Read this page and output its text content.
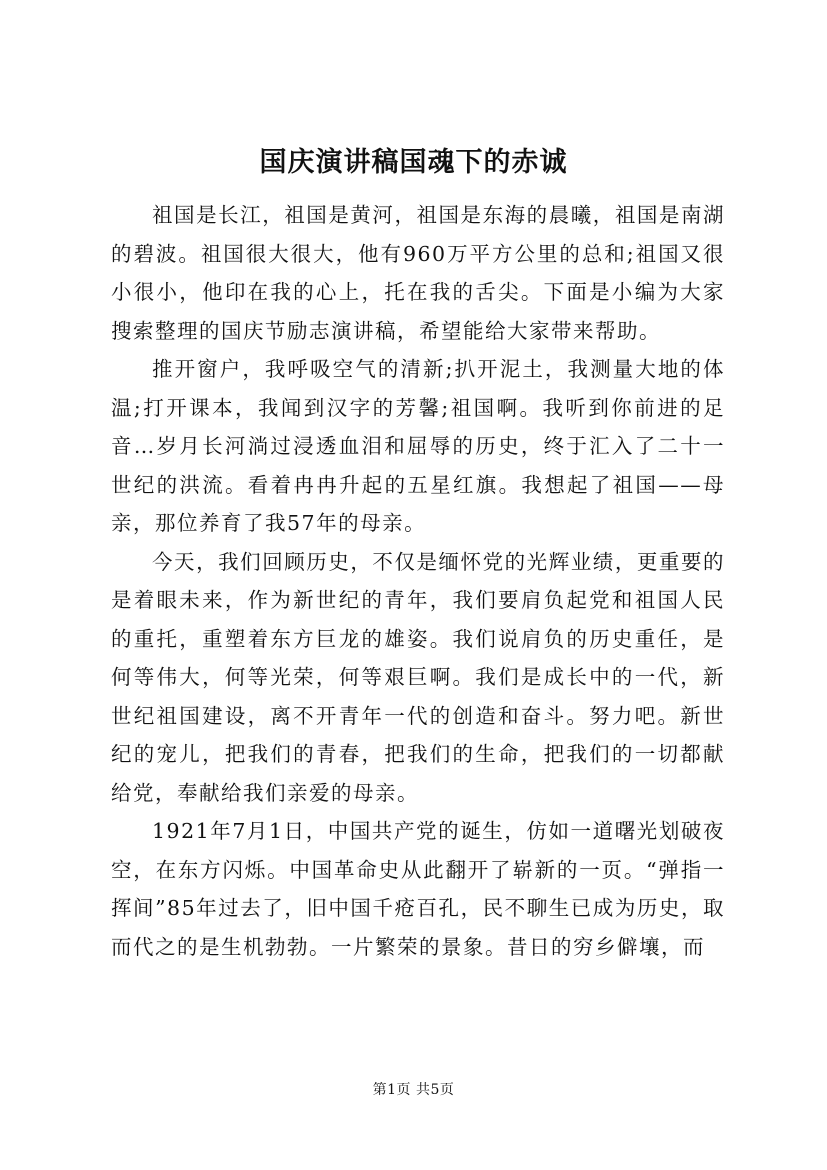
国庆演讲稿国魂下的赤诚

祖国是长江，祖国是黄河，祖国是东海的晨曦，祖国是南湖的碧波。祖国很大很大，他有960万平方公里的总和;祖国又很小很小，他印在我的心上，托在我的舌尖。下面是小编为大家搜索整理的国庆节励志演讲稿，希望能给大家带来帮助。

推开窗户，我呼吸空气的清新;扒开泥土，我测量大地的体温;打开课本，我闻到汉字的芳馨;祖国啊。我听到你前进的足音…岁月长河淌过浸透血泪和屈辱的历史，终于汇入了二十一世纪的洪流。看着冉冉升起的五星红旗。我想起了祖国——母亲，那位养育了我57年的母亲。

今天，我们回顾历史，不仅是缅怀党的光辉业绩，更重要的是着眼未来，作为新世纪的青年，我们要肩负起党和祖国人民的重托，重塑着东方巨龙的雄姿。我们说肩负的历史重任，是何等伟大，何等光荣，何等艰巨啊。我们是成长中的一代，新世纪祖国建设，离不开青年一代的创造和奋斗。努力吧。新世纪的宠儿，把我们的青春，把我们的生命，把我们的一切都献给党，奉献给我们亲爱的母亲。

1921年7月1日，中国共产党的诞生，仿如一道曙光划破夜空，在东方闪烁。中国革命史从此翻开了崭新的一页。“弹指一挥间”85年过去了，旧中国千疮百孔，民不聊生已成为历史，取而代之的是生机勃勃。一片繁荣的景象。昔日的穷乡僻壤，而

第1页 共5页
